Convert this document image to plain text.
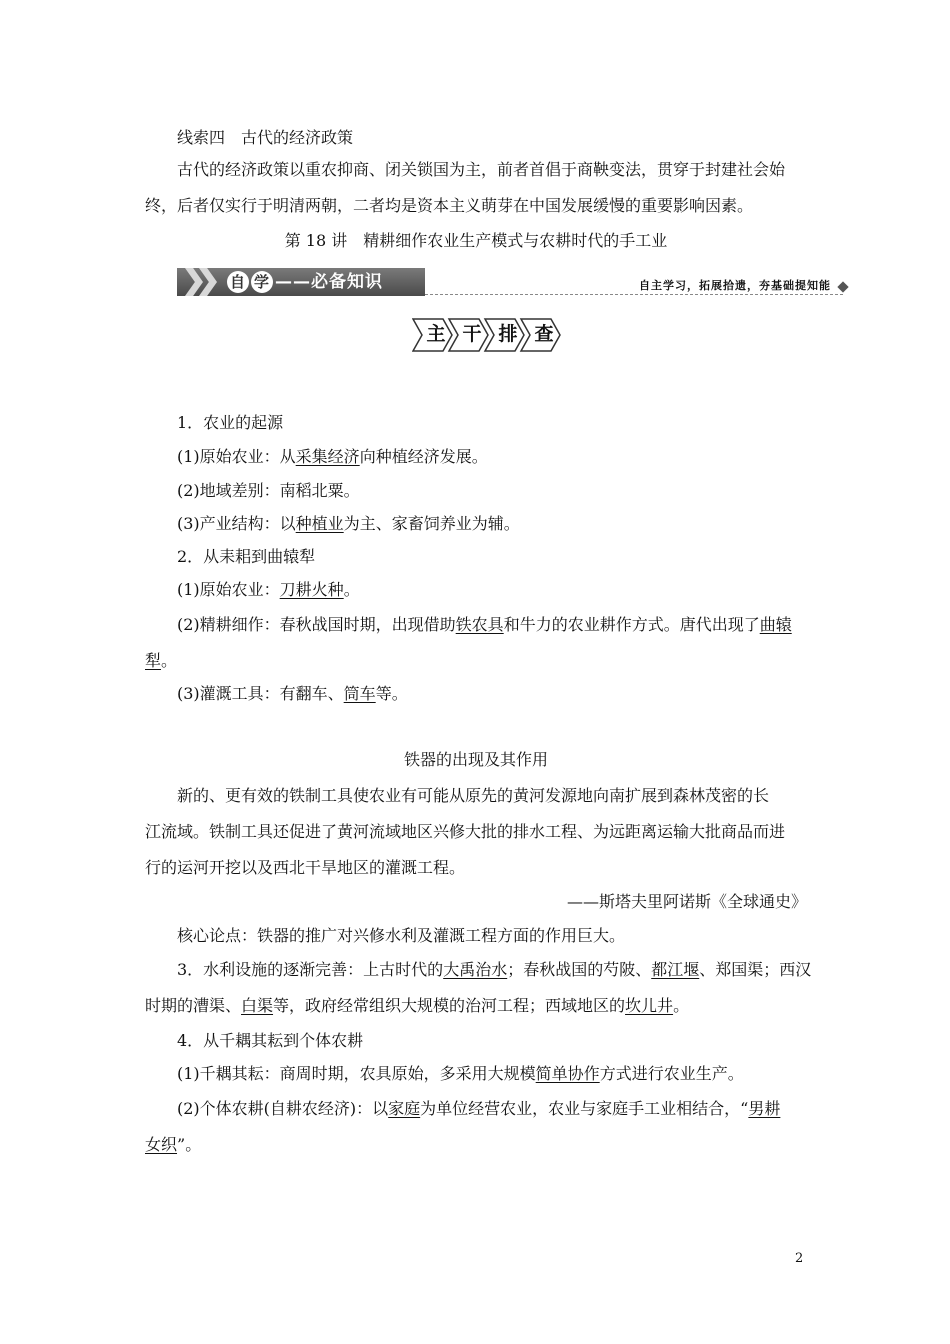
线索四　古代的经济政策
古代的经济政策以重农抑商、闭关锁国为主，前者首倡于商鞅变法，贯穿于封建社会始
终，后者仅实行于明清两朝，二者均是资本主义萌芽在中国发展缓慢的重要影响因素。
第 18 讲　精耕细作农业生产模式与农耕时代的手工业
自 学 ——必备知识	自主学习，拓展拾遗，夯基础提知能
主 干 排 查
1．农业的起源
(1)原始农业：从采集经济向种植经济发展。
(2)地域差别：南稻北粟。
(3)产业结构：以种植业为主、家畜饲养业为辅。
2．从耒耜到曲辕犁
(1)原始农业：刀耕火种。
(2)精耕细作：春秋战国时期，出现借助铁农具和牛力的农业耕作方式。唐代出现了曲辕
犁。
(3)灌溉工具：有翻车、筒车等。
铁器的出现及其作用
新的、更有效的铁制工具使农业有可能从原先的黄河发源地向南扩展到森林茂密的长
江流域。铁制工具还促进了黄河流域地区兴修大批的排水工程、为远距离运输大批商品而进
行的运河开挖以及西北干旱地区的灌溉工程。
——斯塔夫里阿诺斯《全球通史》
核心论点：铁器的推广对兴修水利及灌溉工程方面的作用巨大。
3．水利设施的逐渐完善：上古时代的大禹治水；春秋战国的芍陂、都江堰、郑国渠；西汉
时期的漕渠、白渠等，政府经常组织大规模的治河工程；西域地区的坎儿井。
4．从千耦其耘到个体农耕
(1)千耦其耘：商周时期，农具原始，多采用大规模简单协作方式进行农业生产。
(2)个体农耕(自耕农经济)：以家庭为单位经营农业，农业与家庭手工业相结合，“男耕
女织”。
2
